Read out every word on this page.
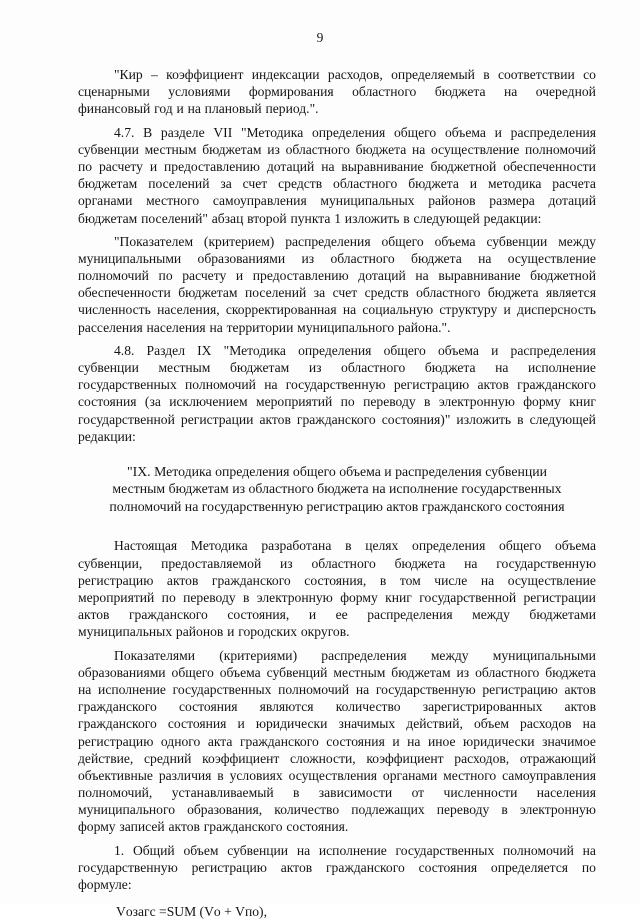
9
"Кир – коэффициент индексации расходов, определяемый в соответствии со
сценарными условиями формирования областного бюджета на очередной
финансовый год и на плановый период.".
4.7. В разделе VII "Методика определения общего объема и распределения
субвенции местным бюджетам из областного бюджета на осуществление полномочий
по расчету и предоставлению дотаций на выравнивание бюджетной обеспеченности
бюджетам поселений за счет средств областного бюджета и методика расчета
органами местного самоуправления муниципальных районов размера дотаций
бюджетам поселений" абзац второй пункта 1 изложить в следующей редакции:
"Показателем (критерием) распределения общего объема субвенции между
муниципальными образованиями из областного бюджета на осуществление
полномочий по расчету и предоставлению дотаций на выравнивание бюджетной
обеспеченности бюджетам поселений за счет средств областного бюджета является
численность населения, скорректированная на социальную структуру и дисперсность
расселения населения на территории муниципального района.".
4.8. Раздел IX "Методика определения общего объема и распределения
субвенции местным бюджетам из областного бюджета на исполнение
государственных полномочий на государственную регистрацию актов гражданского
состояния (за исключением мероприятий по переводу в электронную форму книг
государственной регистрации актов гражданского состояния)" изложить в следующей
редакции:
"IX. Методика определения общего объема и распределения субвенции
местным бюджетам из областного бюджета на исполнение государственных
полномочий на государственную регистрацию актов гражданского состояния
Настоящая Методика разработана в целях определения общего объема
субвенции, предоставляемой из областного бюджета на государственную
регистрацию актов гражданского состояния, в том числе на осуществление
мероприятий по переводу в электронную форму книг государственной регистрации
актов гражданского состояния, и ее распределения между бюджетами
муниципальных районов и городских округов.
Показателями (критериями) распределения между муниципальными
образованиями общего объема субвенций местным бюджетам из областного бюджета
на исполнение государственных полномочий на государственную регистрацию актов
гражданского состояния являются количество зарегистрированных актов
гражданского состояния и юридически значимых действий, объем расходов на
регистрацию одного акта гражданского состояния и на иное юридически значимое
действие, средний коэффициент сложности, коэффициент расходов, отражающий
объективные различия в условиях осуществления органами местного самоуправления
полномочий, устанавливаемый в зависимости от численности населения
муниципального образования, количество подлежащих переводу в электронную
форму записей актов гражданского состояния.
1. Общий объем субвенции на исполнение государственных полномочий на
государственную регистрацию актов гражданского состояния определяется по
формуле:
Vозагс =SUM (Vо + Vпо),
